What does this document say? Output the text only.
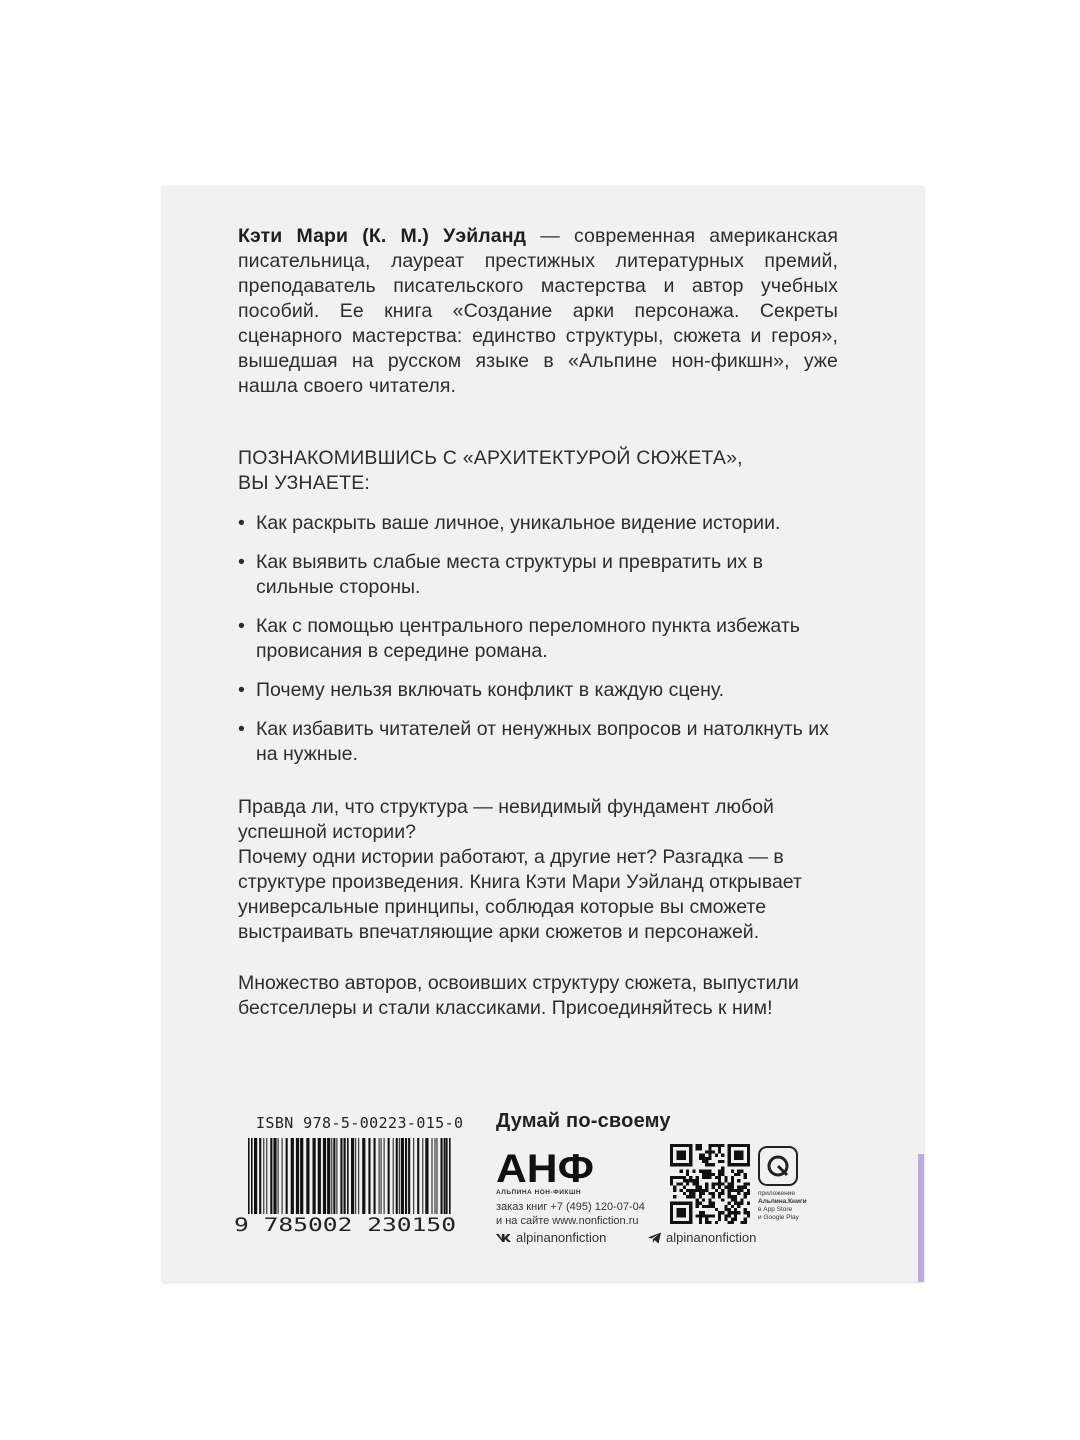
Кэти Мари (К. М.) Уэйланд — современная американская писательница, лауреат престижных литературных премий, преподаватель писательского мастерства и автор учебных пособий. Ее книга «Создание арки персонажа. Секреты сценарного мастерства: единство структуры, сюжета и героя», вышедшая на русском языке в «Альпине нон-фикшн», уже нашла своего читателя.

ПОЗНАКОМИВШИСЬ С «АРХИТЕКТУРОЙ СЮЖЕТА»,
ВЫ УЗНАЕТЕ:
• Как раскрыть ваше личное, уникальное видение истории.
• Как выявить слабые места структуры и превратить их в сильные стороны.
• Как с помощью центрального переломного пункта избежать провисания в середине романа.
• Почему нельзя включать конфликт в каждую сцену.
• Как избавить читателей от ненужных вопросов и натолкнуть их на нужные.

Правда ли, что структура — невидимый фундамент любой успешной истории?

Почему одни истории работают, а другие нет? Разгадка — в структуре произведения. Книга Кэти Мари Уэйланд открывает универсальные принципы, соблюдая которые вы сможете выстраивать впечатляющие арки сюжетов и персонажей.

Множество авторов, освоивших структуру сюжета, выпустили бестселлеры и стали классиками. Присоединяйтесь к ним!

ISBN 978-5-00223-015-0
9 785002 230150
Думай по-своему
АНФ
АЛЬПИНА НОН-ФИКШН
заказ книг +7 (495) 120-07-04
и на сайте www.nonfiction.ru
приложение
Альпина.Книги
в App Store
и Google Play
alpinanonfiction	alpinanonfiction
